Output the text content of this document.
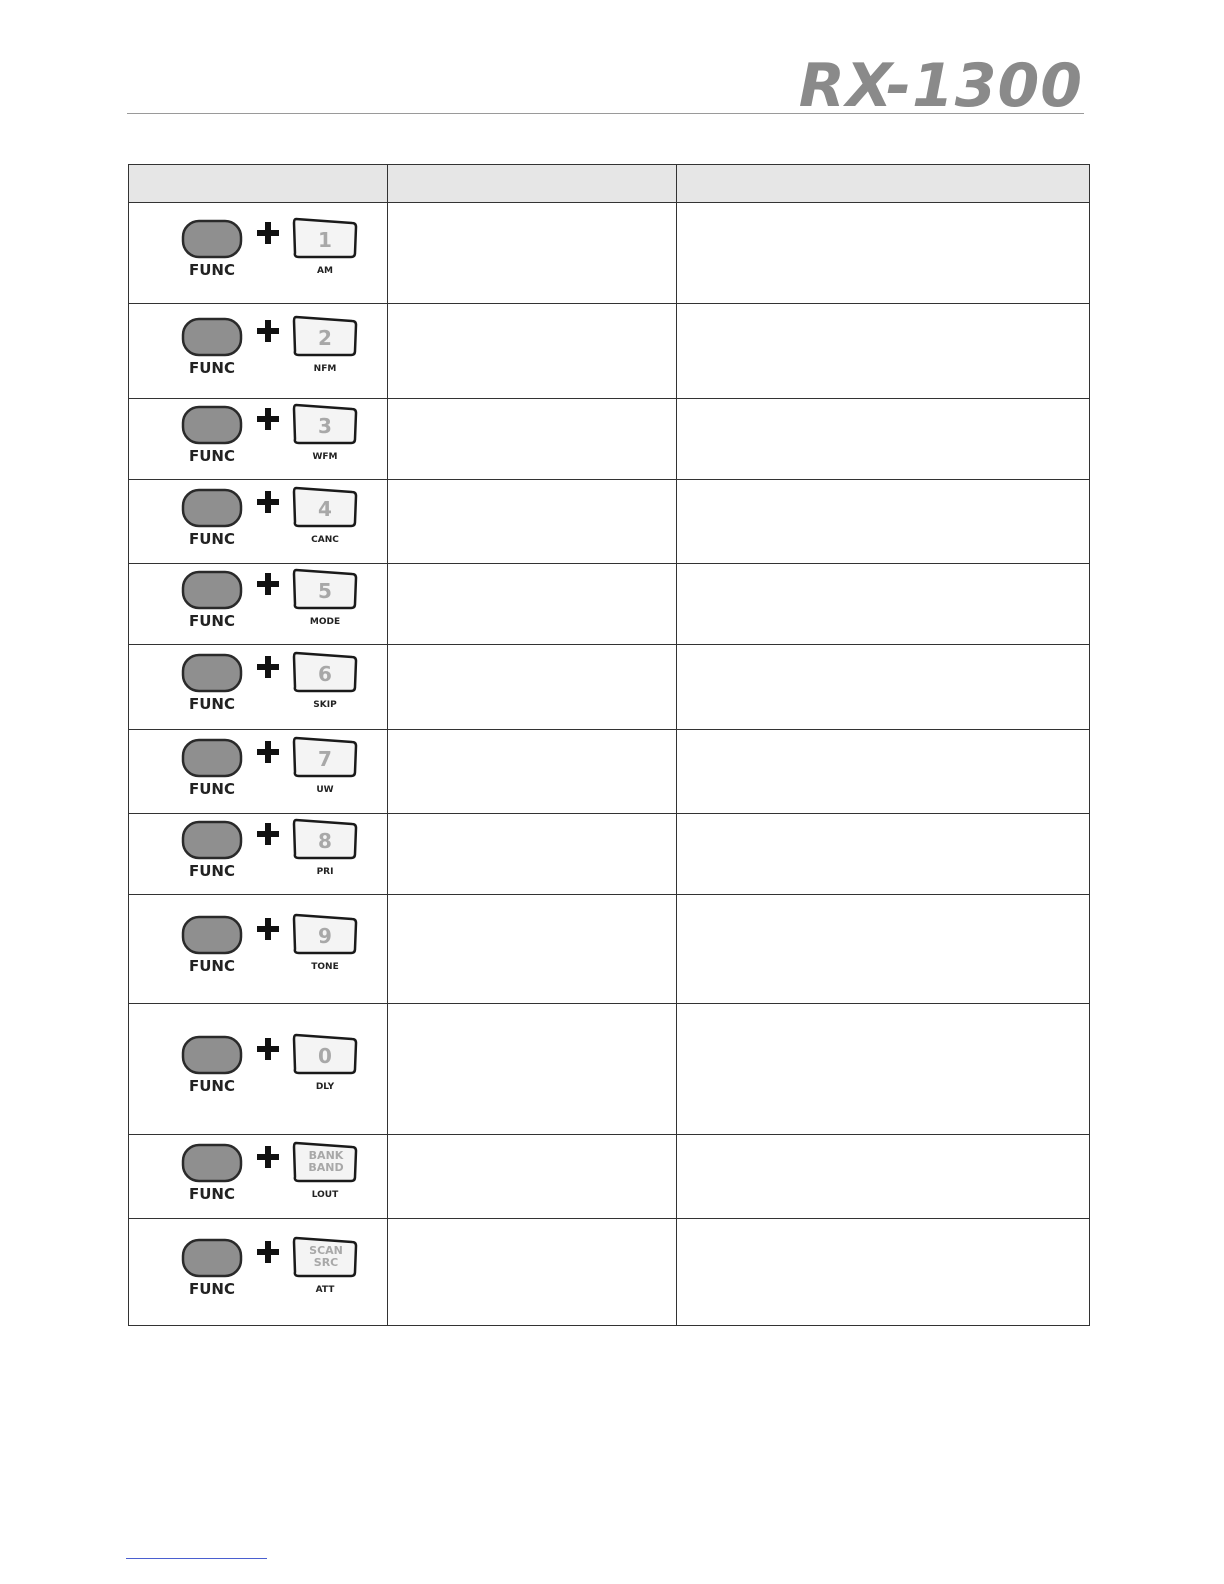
RX-1300

FUNC
1
AM		

FUNC
2
NFM		

FUNC
3
WFM		

FUNC
4
CANC		

FUNC
5
MODE		

FUNC
6
SKIP		

FUNC
7
UW		

FUNC
8
PRI		

FUNC
9
TONE		

FUNC
0
DLY		

FUNC
BANK BAND
LOUT		

FUNC
SCAN SRC
ATT		
